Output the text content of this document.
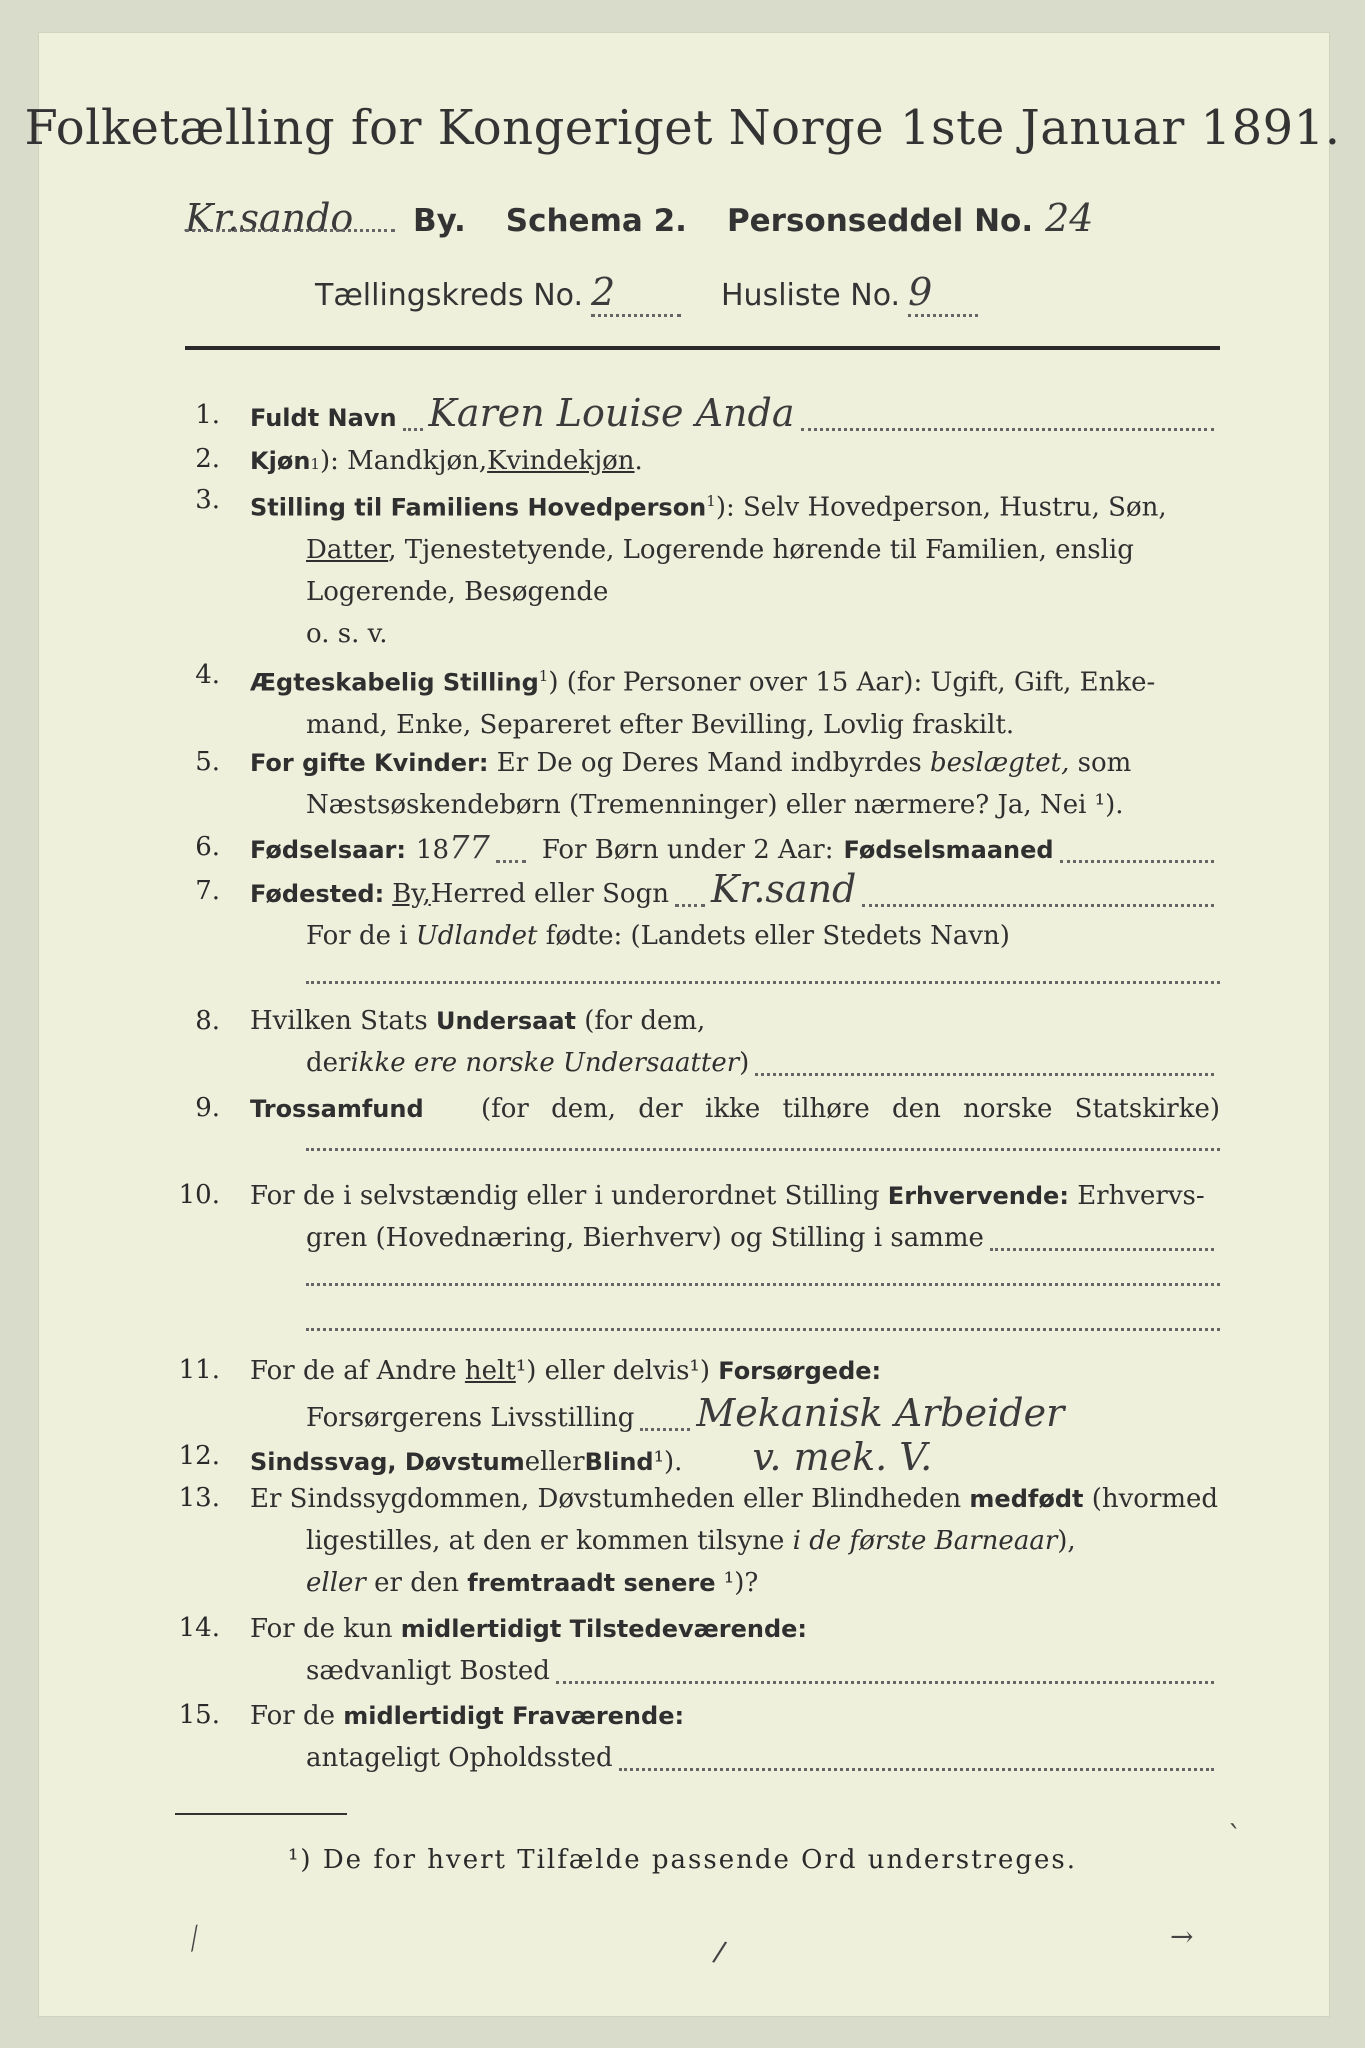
Folketælling for Kongeriget Norge 1ste Januar 1891.
Kr.sando	By. Schema 2. Personseddel No. 24
Tællingskreds No. 2	Husliste No. 9
1. Fuldt Navn Karen Louise Anda
2. Kjøn 1 ): Mandkjøn, Kvindekjøn .
3. Stilling til Familiens Hovedperson$^1$): Selv Hovedperson, Hustru, Søn,
Datter, Tjenestetyende, Logerende hørende til Familien, enslig
Logerende, Besøgende
o. s. v.
4. Ægteskabelig Stilling$^1$) (for Personer over 15 Aar): Ugift, Gift, Enke-
mand, Enke, Separeret efter Bevilling, Lovlig fraskilt.
5. For gifte Kvinder: Er De og Deres Mand indbyrdes beslægtet, som
Næstsøskendebørn (Tremenninger) eller nærmere? Ja, Nei ¹).
6. Fødselsaar: 18 77 For Børn under 2 Aar: Fødselsmaaned
7. Fødested: By, Herred eller Sogn Kr.sand
For de i Udlandet fødte: (Landets eller Stedets Navn)
8. Hvilken Stats Undersaat (for dem,
der ikke ere norske Undersaatter )
9. Trossamfund (for dem, der ikke tilhøre den norske Statskirke)
10. For de i selvstændig eller i underordnet Stilling Erhvervende: Erhvervs-
gren (Hovednæring, Bierhverv) og Stilling i samme
11. For de af Andre helt¹) eller delvis¹) Forsørgede:
Forsørgerens Livsstilling Mekanisk Arbeider
12. Sindssvag, Døvstum eller Blind ¹). v. mek. V.
13. Er Sindssygdommen, Døvstumheden eller Blindheden medfødt (hvormed
ligestilles, at den er kommen tilsyne i de første Barneaar),
eller er den fremtraadt senere ¹)?
14. For de kun midlertidigt Tilstedeværende:
sædvanligt Bosted
15. For de midlertidigt Fraværende:
antageligt Opholdssted
¹) De for hvert Tilfælde passende Ord understreges.
⟋	/	→
ˋ
